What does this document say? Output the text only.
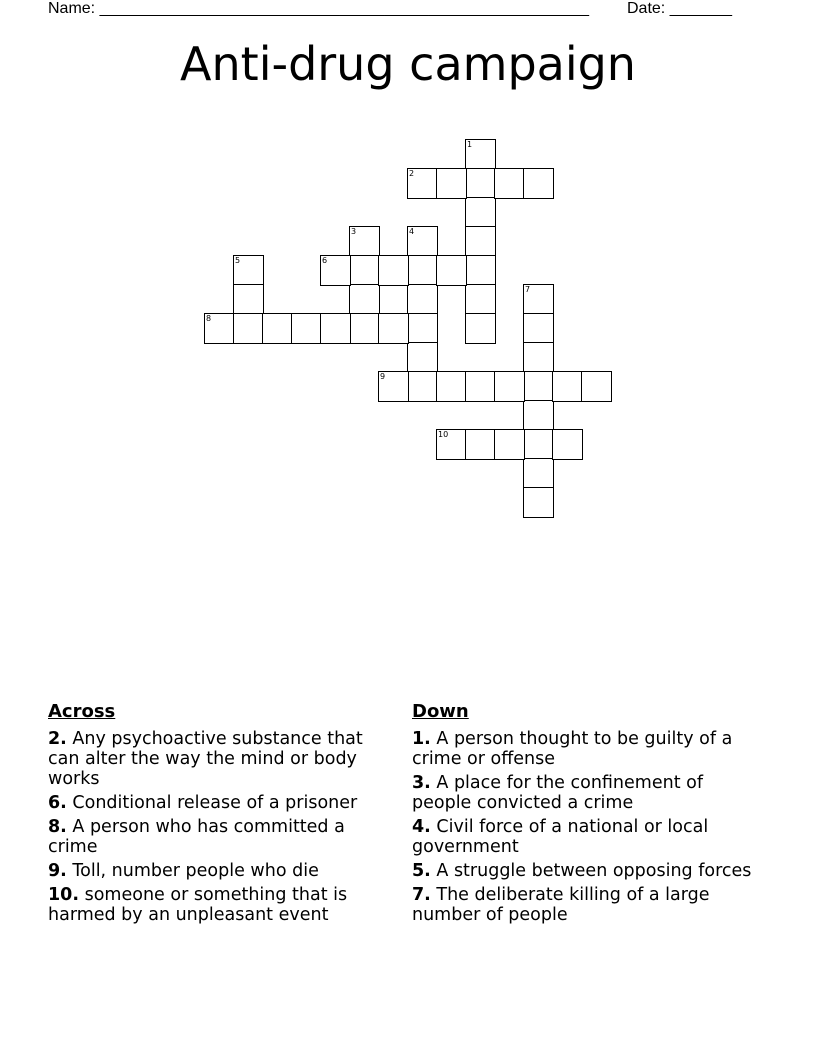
Name: _______________________________________________________ Date: _______
Anti-drug campaign
1
2
3	4
6
5
7
8
9
10
Across
2. Any psychoactive substance that can alter the way the mind or body works
6. Conditional release of a prisoner
8. A person who has committed a crime
9. Toll, number people who die
10. someone or something that is harmed by an unpleasant event
Down
1. A person thought to be guilty of a crime or offense
3. A place for the confinement of people convicted a crime
4. Civil force of a national or local government
5. A struggle between opposing forces
7. The deliberate killing of a large number of people
